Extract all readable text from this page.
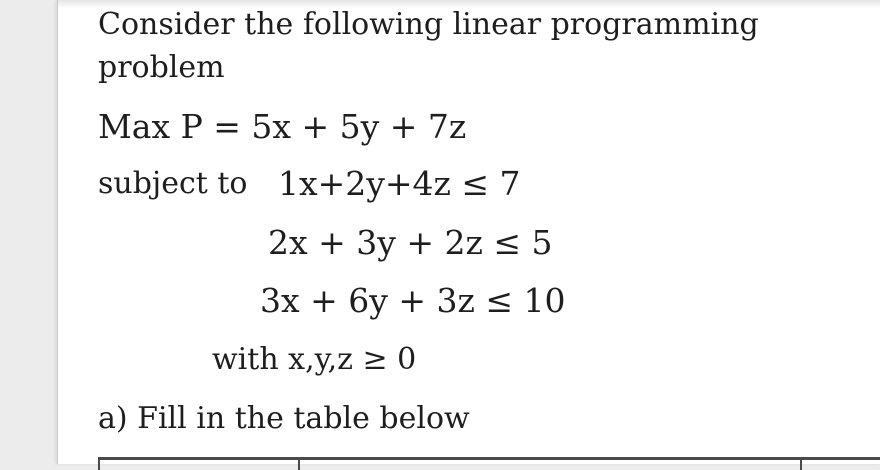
Consider the following linear programming
problem
Max P = 5x + 5y + 7z
subject to 1x+2y+4z ≤ 7
2x + 3y + 2z ≤ 5
3x + 6y + 3z ≤ 10
with x,y,z ≥ 0
a) Fill in the table below
